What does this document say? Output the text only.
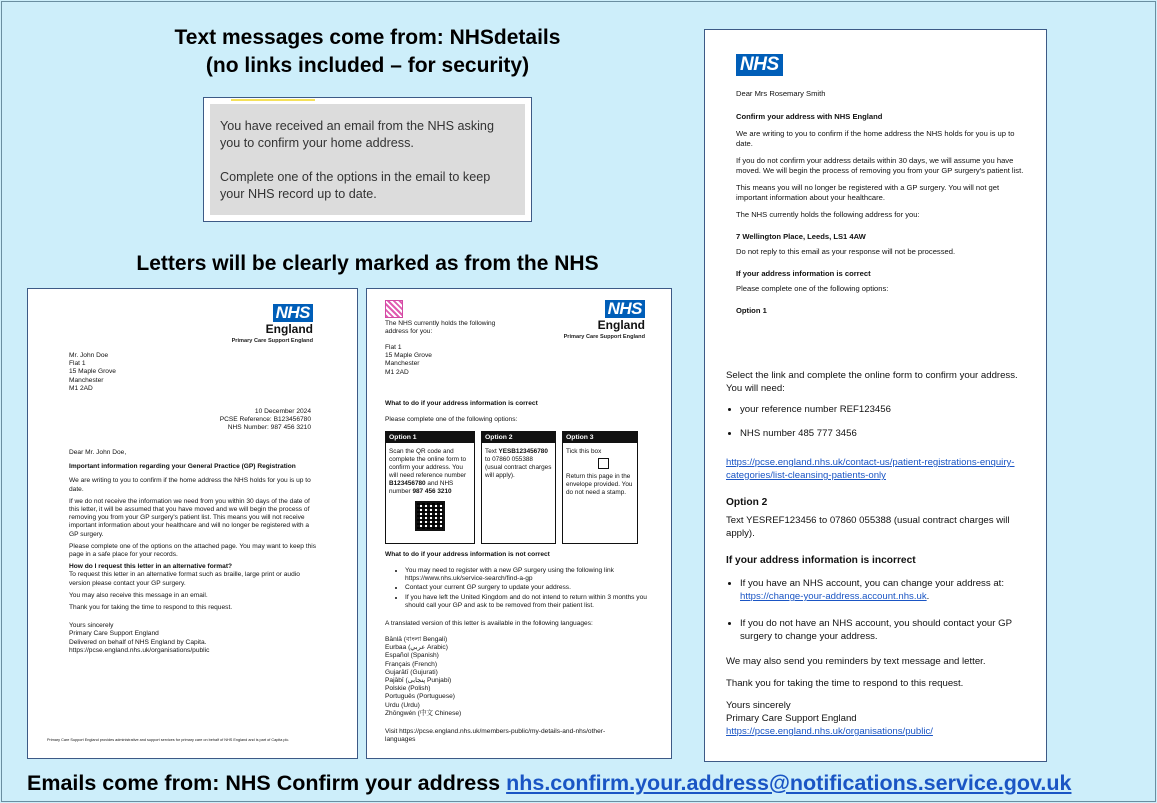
Text messages come from: NHSdetails
(no links included – for security)

You have received an email from the NHS asking you to confirm your home address.

Complete one of the options in the email to keep your NHS record up to date.

Letters will be clearly marked as from the NHS
NHS
England
Primary Care Support England
Mr. John Doe
Flat 1
15 Maple Grove
Manchester
M1 2AD
10 December 2024
PCSE Reference: B123456780
NHS Number: 987 456 3210
Dear Mr. John Doe,
Important information regarding your General Practice (GP) Registration
We are writing to you to confirm if the home address the NHS holds for you is up to date.
If we do not receive the information we need from you within 30 days of the date of this letter, it will be assumed that you have moved and we will begin the process of removing you from your GP surgery's patient list. This means you will not receive important information about your healthcare and will no longer be registered with a GP surgery.
Please complete one of the options on the attached page. You may want to keep this page in a safe place for your records.
How do I request this letter in an alternative format?
To request this letter in an alternative format such as braille, large print or audio version please contact your GP surgery.
You may also receive this message in an email.
Thank you for taking the time to respond to this request.
Yours sincerely
Primary Care Support England
Delivered on behalf of NHS England by Capita.
https://pcse.england.nhs.uk/organisations/public
Primary Care Support England provides administrative and support services for primary care on behalf of NHS England and is part of Capita plc.
The NHS currently holds the following address for you:
Flat 1
15 Maple Grove
Manchester
M1 2AD
NHS
England
Primary Care Support England
What to do if your address information is correct
Please complete one of the following options:
Option 1
Scan the QR code and complete the online form to confirm your address. You will need reference number B123456780 and NHS number 987 456 3210
Option 2
Text YESB123456780 to 07860 055388 (usual contract charges will apply).
Option 3
Tick this box
Return this page in the envelope provided. You do not need a stamp.
What to do if your address information is not correct
• You may need to register with a new GP surgery using the following link https://www.nhs.uk/service-search/find-a-gp
• Contact your current GP surgery to update your address.
• If you have left the United Kingdom and do not intend to return within 3 months you should call your GP and ask to be removed from their patient list.
A translated version of this letter is available in the following languages:
Bānlā (বাংলা Bengali)
Eurbaa (عربي Arabic)
Español (Spanish)
Français (French)
Gujarātī (Gujurati)
Pajābī (پنجابی Punjabi)
Polskie (Polish)
Português (Portuguese)
Urdu (Urdu)
Zhōngwén (中文 Chinese)
Visit https://pcse.england.nhs.uk/members-public/my-details-and-nhs/other-languages
NHS
Dear Mrs Rosemary Smith
Confirm your address with NHS England
We are writing to you to confirm if the home address the NHS holds for you is up to date.
If you do not confirm your address details within 30 days, we will assume you have moved. We will begin the process of removing you from your GP surgery's patient list.
This means you will no longer be registered with a GP surgery. You will not get important information about your healthcare.
The NHS currently holds the following address for you:
7 Wellington Place, Leeds, LS1 4AW
Do not reply to this email as your response will not be processed.
If your address information is correct
Please complete one of the following options:
Option 1
Select the link and complete the online form to confirm your address. You will need:
• your reference number REF123456
• NHS number 485 777 3456
https://pcse.england.nhs.uk/contact-us/patient-registrations-enquiry-categories/list-cleansing-patients-only
Option 2
Text YESREF123456 to 07860 055388 (usual contract charges will apply).
If your address information is incorrect
• If you have an NHS account, you can change your address at: https://change-your-address.account.nhs.uk.
• If you do not have an NHS account, you should contact your GP surgery to change your address.
We may also send you reminders by text message and letter.
Thank you for taking the time to respond to this request.
Yours sincerely
Primary Care Support England
https://pcse.england.nhs.uk/organisations/public/
Emails come from: NHS Confirm your address nhs.confirm.your.address@notifications.service.gov.uk
